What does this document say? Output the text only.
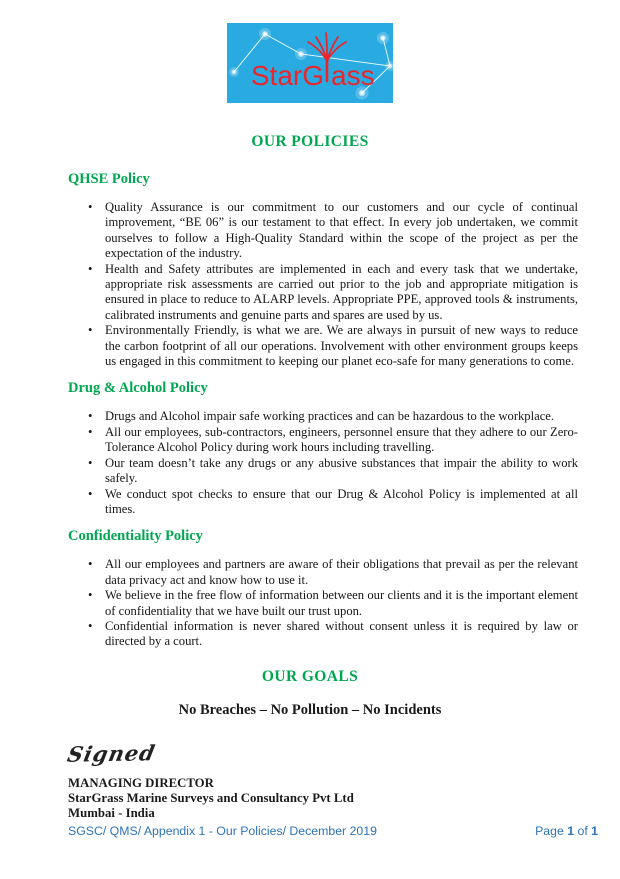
StarG ass
OUR POLICIES
QHSE Policy
• Quality Assurance is our commitment to our customers and our cycle of continual improvement, “BE 06” is our testament to that effect. In every job undertaken, we commit ourselves to follow a High-Quality Standard within the scope of the project as per the expectation of the industry.
• Health and Safety attributes are implemented in each and every task that we undertake, appropriate risk assessments are carried out prior to the job and appropriate mitigation is ensured in place to reduce to ALARP levels. Appropriate PPE, approved tools & instruments, calibrated instruments and genuine parts and spares are used by us.
• Environmentally Friendly, is what we are. We are always in pursuit of new ways to reduce the carbon footprint of all our operations. Involvement with other environment groups keeps us engaged in this commitment to keeping our planet eco-safe for many generations to come.
Drug & Alcohol Policy
• Drugs and Alcohol impair safe working practices and can be hazardous to the workplace.
• All our employees, sub-contractors, engineers, personnel ensure that they adhere to our Zero-Tolerance Alcohol Policy during work hours including travelling.
• Our team doesn’t take any drugs or any abusive substances that impair the ability to work safely.
• We conduct spot checks to ensure that our Drug & Alcohol Policy is implemented at all times.
Confidentiality Policy
• All our employees and partners are aware of their obligations that prevail as per the relevant data privacy act and know how to use it.
• We believe in the free flow of information between our clients and it is the important element of confidentiality that we have built our trust upon.
• Confidential information is never shared without consent unless it is required by law or directed by a court.
OUR GOALS

No Breaches – No Pollution – No Incidents

Signed
MANAGING DIRECTOR
StarGrass Marine Surveys and Consultancy Pvt Ltd
Mumbai - India
SGSC/ QMS/ Appendix 1 - Our Policies/ December 2019	Page 1 of 1
